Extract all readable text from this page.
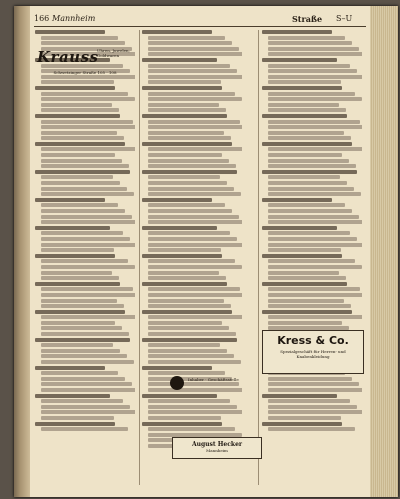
166 Mannheim	Straße S–U
Krauss
Uhren, Juwelen, Goldwaren
Schwetzinger Straße 105 · 108
Kress & Co.
Spezialgeschäft für Herren- und Knabenkleidung
Inhaber · Geschäftsstelle
August Hecker
Mannheim
